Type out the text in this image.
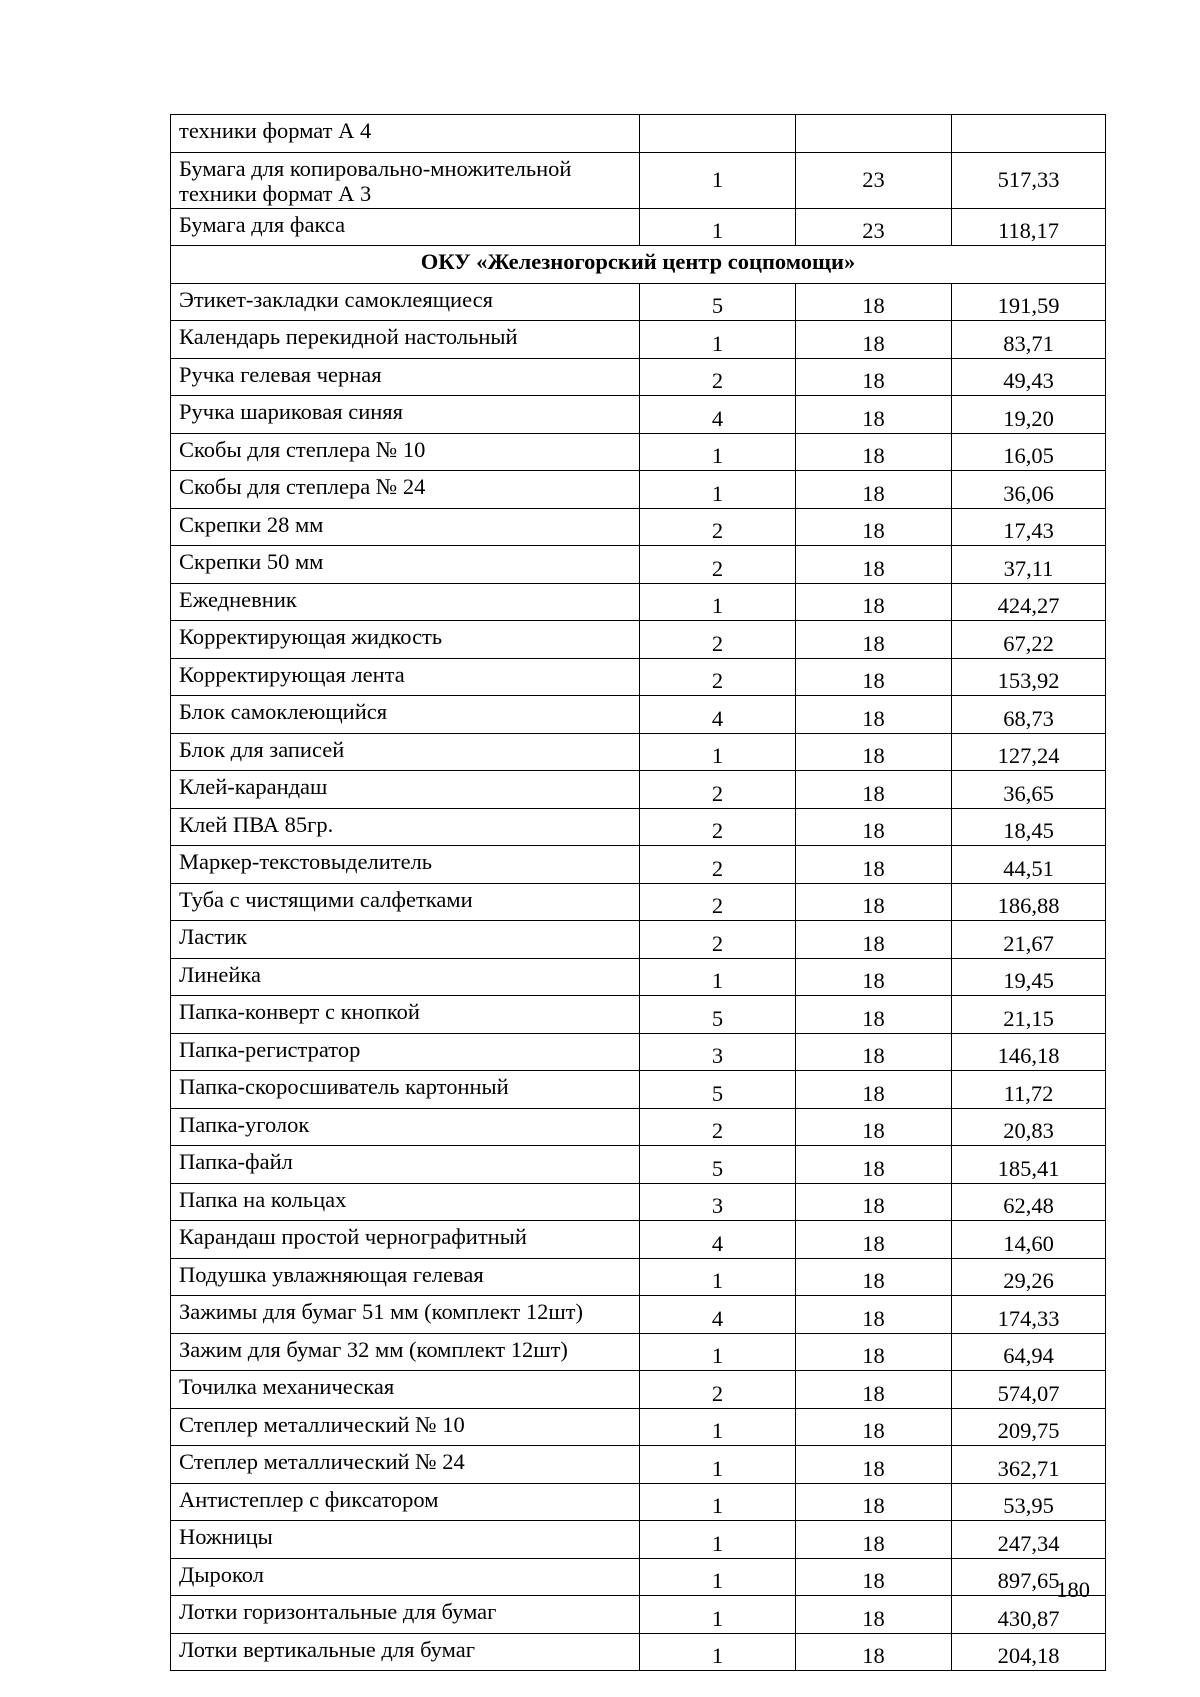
техники формат А 4			
Бумага для копировально-множительной техники формат А 3	1	23	517,33
Бумага для факса	1	23	118,17
ОКУ «Железногорский центр соцпомощи»			
Этикет-закладки самоклеящиеся	5	18	191,59
Календарь перекидной настольный	1	18	83,71
Ручка гелевая черная	2	18	49,43
Ручка шариковая синяя	4	18	19,20
Скобы для степлера № 10	1	18	16,05
Скобы для степлера № 24	1	18	36,06
Скрепки 28 мм	2	18	17,43
Скрепки 50 мм	2	18	37,11
Ежедневник	1	18	424,27
Корректирующая жидкость	2	18	67,22
Корректирующая лента	2	18	153,92
Блок самоклеющийся	4	18	68,73
Блок для записей	1	18	127,24
Клей-карандаш	2	18	36,65
Клей ПВА 85гр.	2	18	18,45
Маркер-текстовыделитель	2	18	44,51
Туба с чистящими салфетками	2	18	186,88
Ластик	2	18	21,67
Линейка	1	18	19,45
Папка-конверт с кнопкой	5	18	21,15
Папка-регистратор	3	18	146,18
Папка-скоросшиватель картонный	5	18	11,72
Папка-уголок	2	18	20,83
Папка-файл	5	18	185,41
Папка на кольцах	3	18	62,48
Карандаш простой чернографитный	4	18	14,60
Подушка увлажняющая гелевая	1	18	29,26
Зажимы для бумаг 51 мм (комплект 12шт)	4	18	174,33
Зажим для бумаг 32 мм (комплект 12шт)	1	18	64,94
Точилка механическая	2	18	574,07
Степлер металлический № 10	1	18	209,75
Степлер металлический № 24	1	18	362,71
Антистеплер с фиксатором	1	18	53,95
Ножницы	1	18	247,34
Дырокол	1	18	897,65
Лотки горизонтальные для бумаг	1	18	430,87
Лотки вертикальные для бумаг	1	18	204,18
180
